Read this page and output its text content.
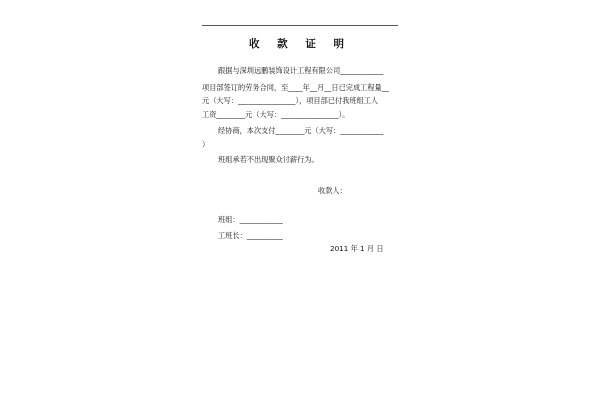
收 款 证 明
跟据与深圳远鹏装饰设计工程有限公司____________
项目部签订的劳务合同，至____年__月__日已完成工程量__
元（大写：________________），项目部已付我班组工人
工资________元（大写：________________）。
经协商，本次支付________元（大写：____________
）
班组承若不出现聚众讨薪行为。
收款人：
班组：____________
工班长：__________
2011 年 1 月 日
